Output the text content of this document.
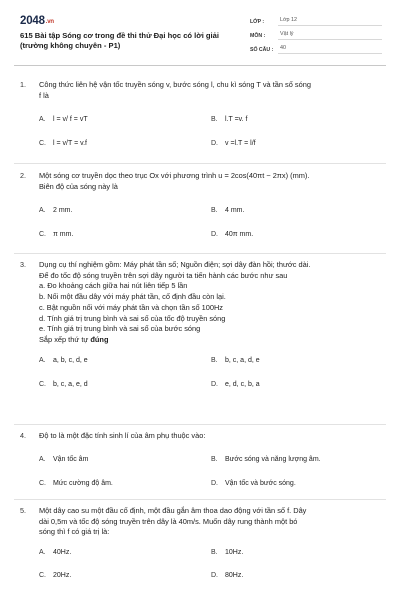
2048.vn
615 Bài tập Sóng cơ trong đề thi thử Đại học có lời giải
(trường không chuyên - P1)
LỚP :	Lớp 12
MÔN :	Vật lý
SỐ CÂU :	40
1. Công thức liên hệ vận tốc truyền sóng v, bước sóng l, chu kì sóng T và tần số sóng
f là
A. l = v/ f = vT	B. l.T =v. f
C. l = v/T = v.f	D. v =l.T = l/f
2. Một sóng cơ truyền dọc theo trục Ox với phương trình u = 2cos(40πt − 2πx) (mm).
Biên độ của sóng này là
A. 2 mm.	B. 4 mm.
C. π mm.	D. 40π mm.
3. Dụng cụ thí nghiệm gồm: Máy phát tần số; Nguồn điện; sợi dây đàn hồi; thước dài.
Để đo tốc độ sóng truyền trên sợi dây người ta tiến hành các bước như sau
a. Đo khoảng cách giữa hai nút liên tiếp 5 lần
b. Nối một đầu dây với máy phát tần, cố định đầu còn lại.
c. Bật nguồn nối với máy phát tần và chọn tần số 100Hz
d. Tính giá trị trung bình và sai số của tốc độ truyền sóng
e. Tính giá trị trung bình và sai số của bước sóng
Sắp xếp thứ tự đúng
A. a, b, c, d, e	B. b, c, a, d, e
C. b, c, a, e, d	D. e, d, c, b, a
4. Độ to là một đặc tính sinh lí của âm phụ thuộc vào:
A. Vận tốc âm	B. Bước sóng và năng lượng âm.
C. Mức cường độ âm.	D. Vận tốc và bước sóng.
5. Một dây cao su một đầu cố định, một đầu gắn âm thoa dao động với tần số f. Dây
dài 0,5m và tốc độ sóng truyền trên dây là 40m/s. Muốn dây rung thành một bó
sóng thì f có giá trị là:
A. 40Hz.	B. 10Hz.
C. 20Hz.	D. 80Hz.
